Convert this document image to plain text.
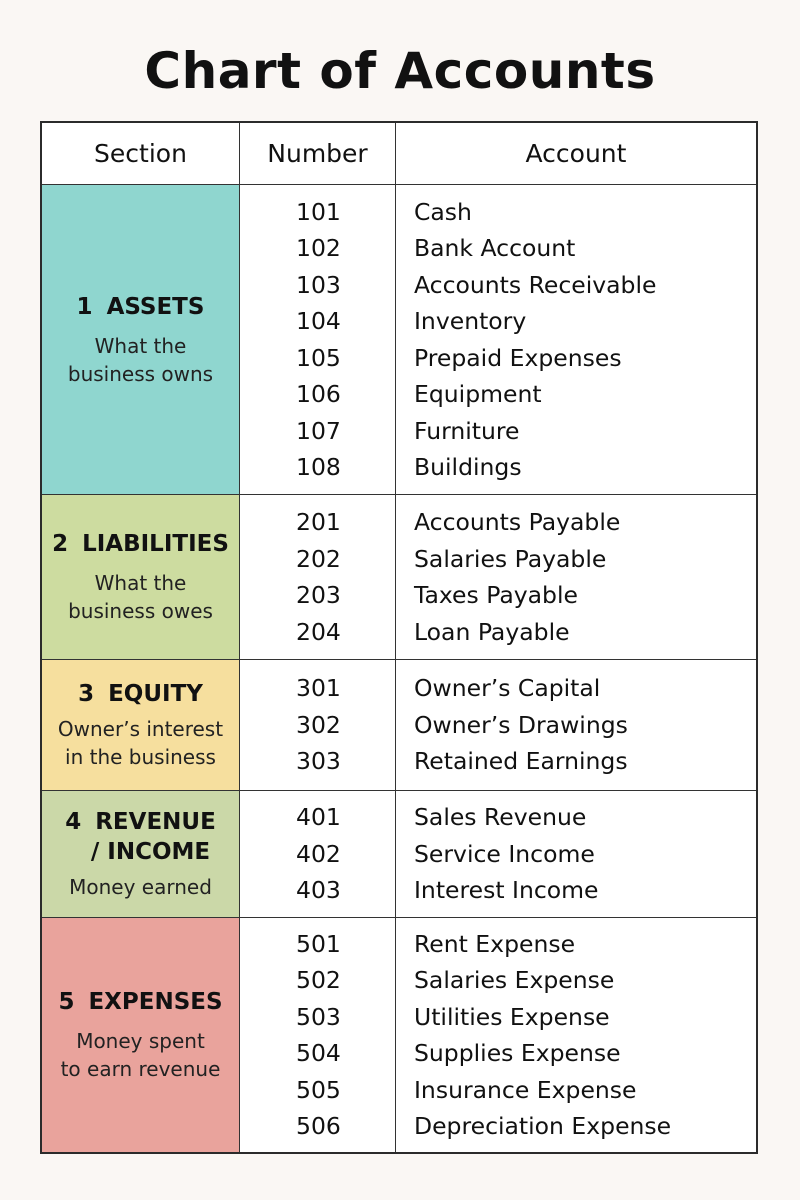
Chart of Accounts
Section	Number	Account
1 ASSETS
What the
business owns
101
102
103
104
105
106
107
108
Cash
Bank Account
Accounts Receivable
Inventory
Prepaid Expenses
Equipment
Furniture
Buildings
2 LIABILITIES
What the
business owes
201
202
203
204
Accounts Payable
Salaries Payable
Taxes Payable
Loan Payable
3 EQUITY
Owner’s interest
in the business
301
302
303
Owner’s Capital
Owner’s Drawings
Retained Earnings
4 REVENUE
/ INCOME
Money earned
401
402
403
Sales Revenue
Service Income
Interest Income
5 EXPENSES
Money spent
to earn revenue
501
502
503
504
505
506
Rent Expense
Salaries Expense
Utilities Expense
Supplies Expense
Insurance Expense
Depreciation Expense
